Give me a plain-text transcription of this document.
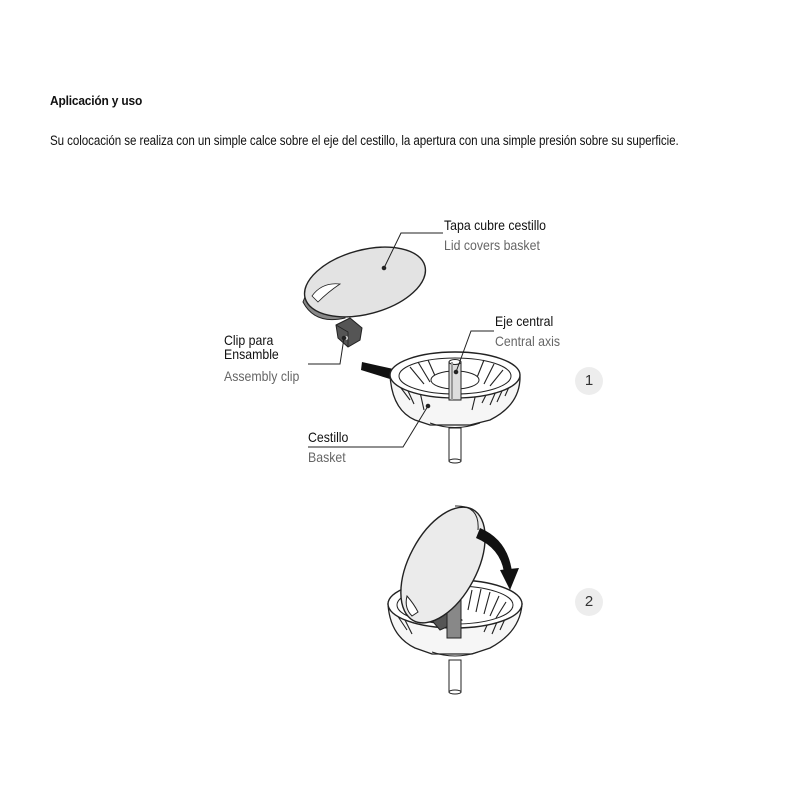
Aplicación y uso
Su colocación se realiza con un simple calce sobre el eje del cestillo, la apertura con una simple presión sobre su superficie.
Tapa cubre cestillo
Lid covers basket
Clip para
Ensamble
Assembly clip
Eje central
Central axis
Cestillo
Basket
1
2
